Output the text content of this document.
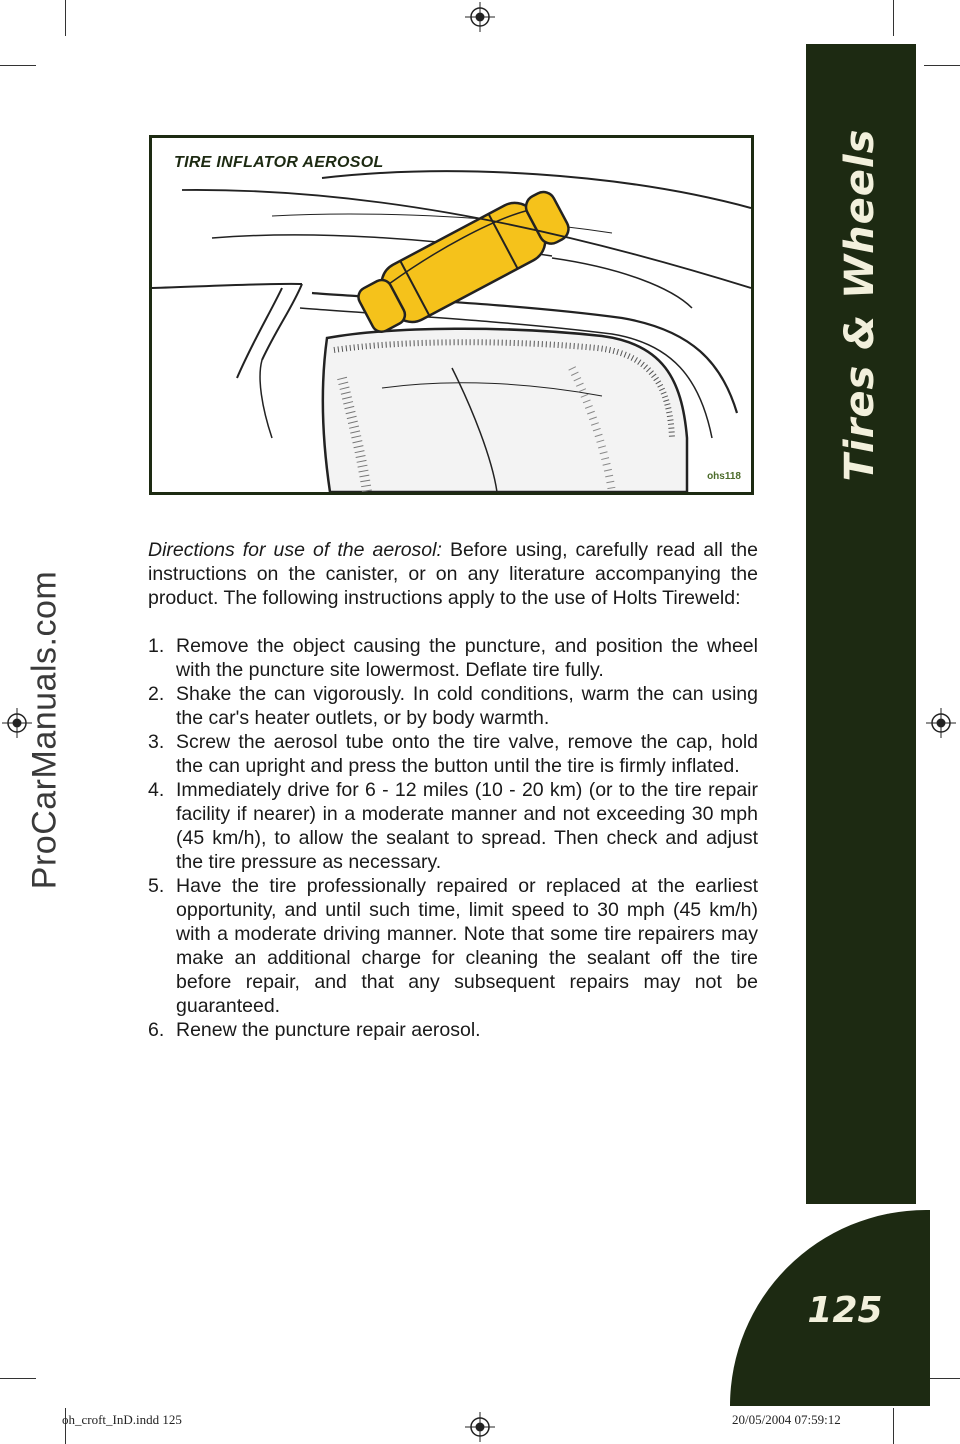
Tires & Wheels
125
ProCarManuals.com
TIRE INFLATOR AEROSOL
ohs118

Directions for use of the aerosol: Before using, carefully read all the instructions on the canister, or on any literature accompanying the product. The following instructions apply to the use of Holts Tireweld:

1. Remove the object causing the puncture, and position the wheel with the puncture site lowermost. Deflate tire fully.
2. Shake the can vigorously. In cold conditions, warm the can using the car's heater outlets, or by body warmth.
3. Screw the aerosol tube onto the tire valve, remove the cap, hold the can upright and press the button until the tire is firmly inflated.
4. Immediately drive for 6 - 12 miles (10 - 20 km) (or to the tire repair facility if nearer) in a moderate manner and not exceeding 30 mph (45 km/h), to allow the sealant to spread. Then check and adjust the tire pressure as necessary.
5. Have the tire professionally repaired or replaced at the earliest opportunity, and until such time, limit speed to 30 mph (45 km/h) with a moderate driving manner. Note that some tire repairers may make an additional charge for cleaning the sealant off the tire before repair, and that any subsequent repairs may not be guaranteed.
6. Renew the puncture repair aerosol.
oh_croft_InD.indd 125	20/05/2004 07:59:12
